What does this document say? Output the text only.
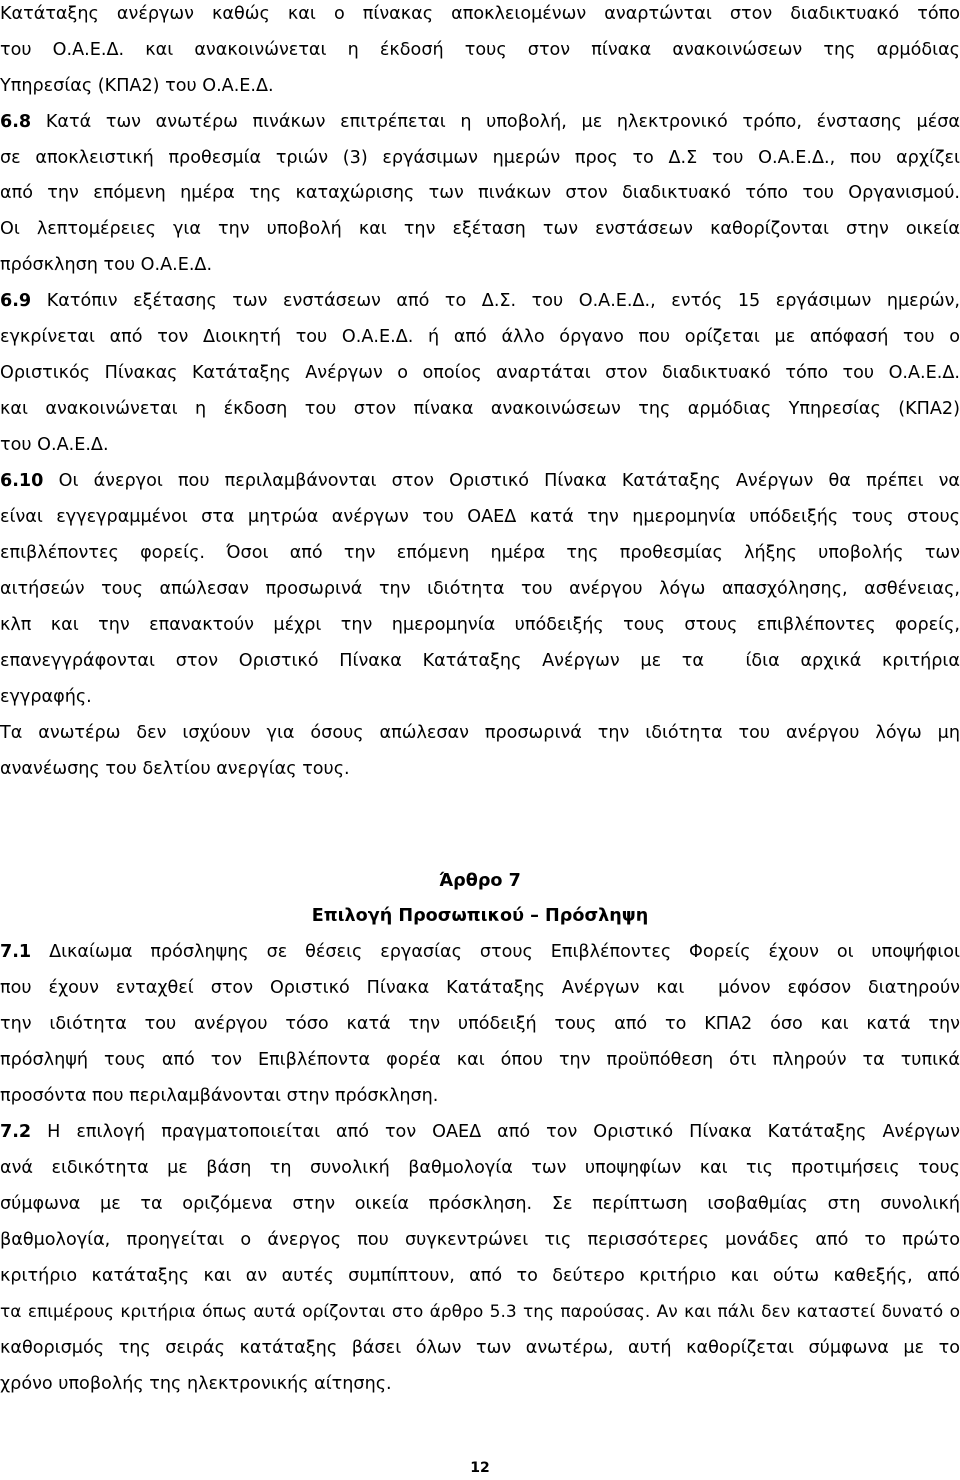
Κατάταξης ανέργων καθώς και ο πίνακας αποκλειομένων αναρτώνται στον διαδικτυακό τόπο
του Ο.Α.Ε.Δ. και ανακοινώνεται η έκδοσή τους στον πίνακα ανακοινώσεων της αρμόδιας
Υπηρεσίας (ΚΠΑ2) του Ο.Α.Ε.Δ.
6.8 Κατά των ανωτέρω πινάκων επιτρέπεται η υποβολή, με ηλεκτρονικό τρόπο, ένστασης μέσα
σε αποκλειστική προθεσμία τριών (3) εργάσιμων ημερών προς το Δ.Σ του Ο.Α.Ε.Δ., που αρχίζει
από την επόμενη ημέρα της καταχώρισης των πινάκων στον διαδικτυακό τόπο του Οργανισμού.
Οι λεπτομέρειες για την υποβολή και την εξέταση των ενστάσεων καθορίζονται στην οικεία
πρόσκληση του Ο.Α.Ε.Δ.
6.9 Κατόπιν εξέτασης των ενστάσεων από το Δ.Σ. του Ο.Α.Ε.Δ., εντός 15 εργάσιμων ημερών,
εγκρίνεται από τον Διοικητή του Ο.Α.Ε.Δ. ή από άλλο όργανο που ορίζεται με απόφασή του ο
Οριστικός Πίνακας Κατάταξης Ανέργων ο οποίος αναρτάται στον διαδικτυακό τόπο του Ο.Α.Ε.Δ.
και ανακοινώνεται η έκδοση του στον πίνακα ανακοινώσεων της αρμόδιας Υπηρεσίας (ΚΠΑ2)
του Ο.Α.Ε.Δ.
6.10 Οι άνεργοι που περιλαμβάνονται στον Οριστικό Πίνακα Κατάταξης Ανέργων θα πρέπει να
είναι εγγεγραμμένοι στα μητρώα ανέργων του ΟΑΕΔ κατά την ημερομηνία υπόδειξής τους στους
επιβλέποντες φορείς. Όσοι από την επόμενη ημέρα της προθεσμίας λήξης υποβολής των
αιτήσεών τους απώλεσαν προσωρινά την ιδιότητα του ανέργου λόγω απασχόλησης, ασθένειας,
κλπ και την επανακτούν μέχρι την ημερομηνία υπόδειξής τους στους επιβλέποντες φορείς,
επανεγγράφονται στον Οριστικό Πίνακα Κατάταξης Ανέργων με τα  ίδια αρχικά κριτήρια
εγγραφής.
Τα ανωτέρω δεν ισχύουν για όσους απώλεσαν προσωρινά την ιδιότητα του ανέργου λόγω μη
ανανέωσης του δελτίου ανεργίας τους.
Άρθρο 7
Επιλογή Προσωπικού – Πρόσληψη
7.1 Δικαίωμα πρόσληψης σε θέσεις εργασίας στους Επιβλέποντες Φορείς έχουν οι υποψήφιοι
που έχουν ενταχθεί στον Οριστικό Πίνακα Κατάταξης Ανέργων και  μόνον εφόσον διατηρούν
την ιδιότητα του ανέργου τόσο κατά την υπόδειξή τους από το ΚΠΑ2 όσο και κατά την
πρόσληψή τους από τον Επιβλέποντα φορέα και όπου την προϋπόθεση ότι πληρούν τα τυπικά
προσόντα που περιλαμβάνονται στην πρόσκληση.
7.2 Η επιλογή πραγματοποιείται από τον ΟΑΕΔ από τον Οριστικό Πίνακα Κατάταξης Ανέργων
ανά ειδικότητα με βάση τη συνολική βαθμολογία των υποψηφίων και τις προτιμήσεις τους
σύμφωνα με τα οριζόμενα στην οικεία πρόσκληση. Σε περίπτωση ισοβαθμίας στη συνολική
βαθμολογία, προηγείται ο άνεργος που συγκεντρώνει τις περισσότερες μονάδες από το πρώτο
κριτήριο κατάταξης και αν αυτές συμπίπτουν, από το δεύτερο κριτήριο και ούτω καθεξής, από
τα επιμέρους κριτήρια όπως αυτά ορίζονται στο άρθρο 5.3 της παρούσας. Αν και πάλι δεν καταστεί δυνατό ο
καθορισμός της σειράς κατάταξης βάσει όλων των ανωτέρω, αυτή καθορίζεται σύμφωνα με το
χρόνο υποβολής της ηλεκτρονικής αίτησης.
12
